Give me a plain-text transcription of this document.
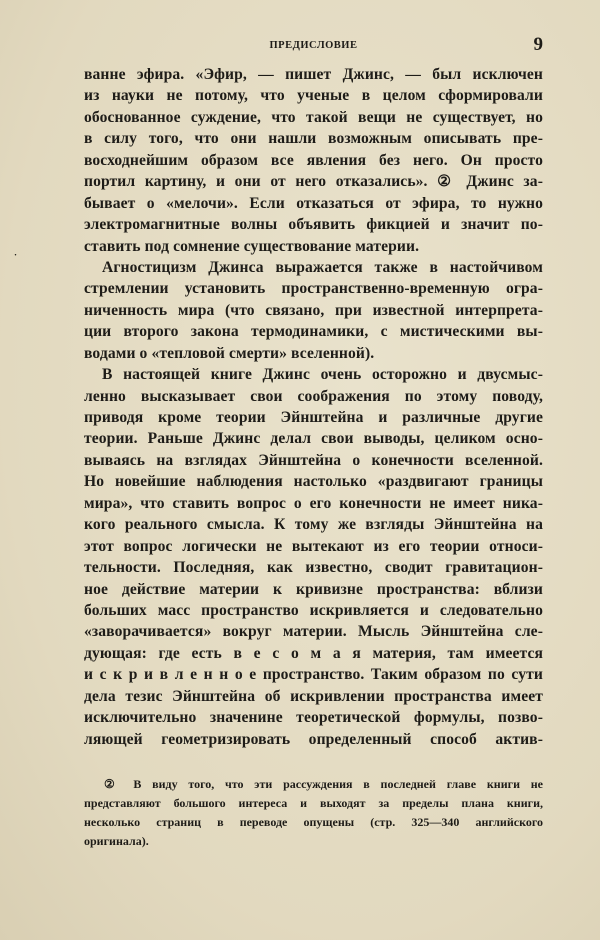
ПРЕДИСЛОВИЕ	9
ванне эфира. «Эфир, — пишет Джинс, — был исключен
из науки не потому, что ученые в целом сформировали
обоснованное суждение, что такой вещи не существует, но
в силу того, что они нашли возможным описывать пре-
восходнейшим образом все явления без него. Он просто
портил картину, и они от него отказались». ② Джинс за-
бывает о «мелочи». Если отказаться от эфира, то нужно
электромагнитные волны объявить фикцией и значит по-
ставить под сомнение существование материи.
Агностицизм Джинса выражается также в настойчивом
стремлении установить пространственно-временную огра-
ниченность мира (что связано, при известной интерпрета-
ции второго закона термодинамики, с мистическими вы-
водами о «тепловой смерти» вселенной).
В настоящей книге Джинс очень осторожно и двусмыс-
ленно высказывает свои соображения по этому поводу,
приводя кроме теории Эйнштейна и различные другие
теории. Раньше Джинс делал свои выводы, целиком осно-
вываясь на взглядах Эйнштейна о конечности вселенной.
Но новейшие наблюдения настолько «раздвигают границы
мира», что ставить вопрос о его конечности не имеет ника-
кого реального смысла. К тому же взгляды Эйнштейна на
этот вопрос логически не вытекают из его теории относи-
тельности. Последняя, как известно, сводит гравитацион-
ное действие материи к кривизне пространства: вблизи
больших масс пространство искривляется и следовательно
«заворачивается» вокруг материи. Мысль Эйнштейна сле-
дующая: где есть в е с о м а я материя, там имеется
и с к р и в л е н н о е пространство. Таким образом по сути
дела тезис Эйнштейна об искривлении пространства имеет
исключительно значенине теоретической формулы, позво-
ляющей геометризировать определенный способ актив-
② В виду того, что эти рассуждения в последней главе книги не
представляют большого интереса и выходят за пределы плана книги,
несколько страниц в переводе опущены (стр. 325—340 английского
оригинала).
·
